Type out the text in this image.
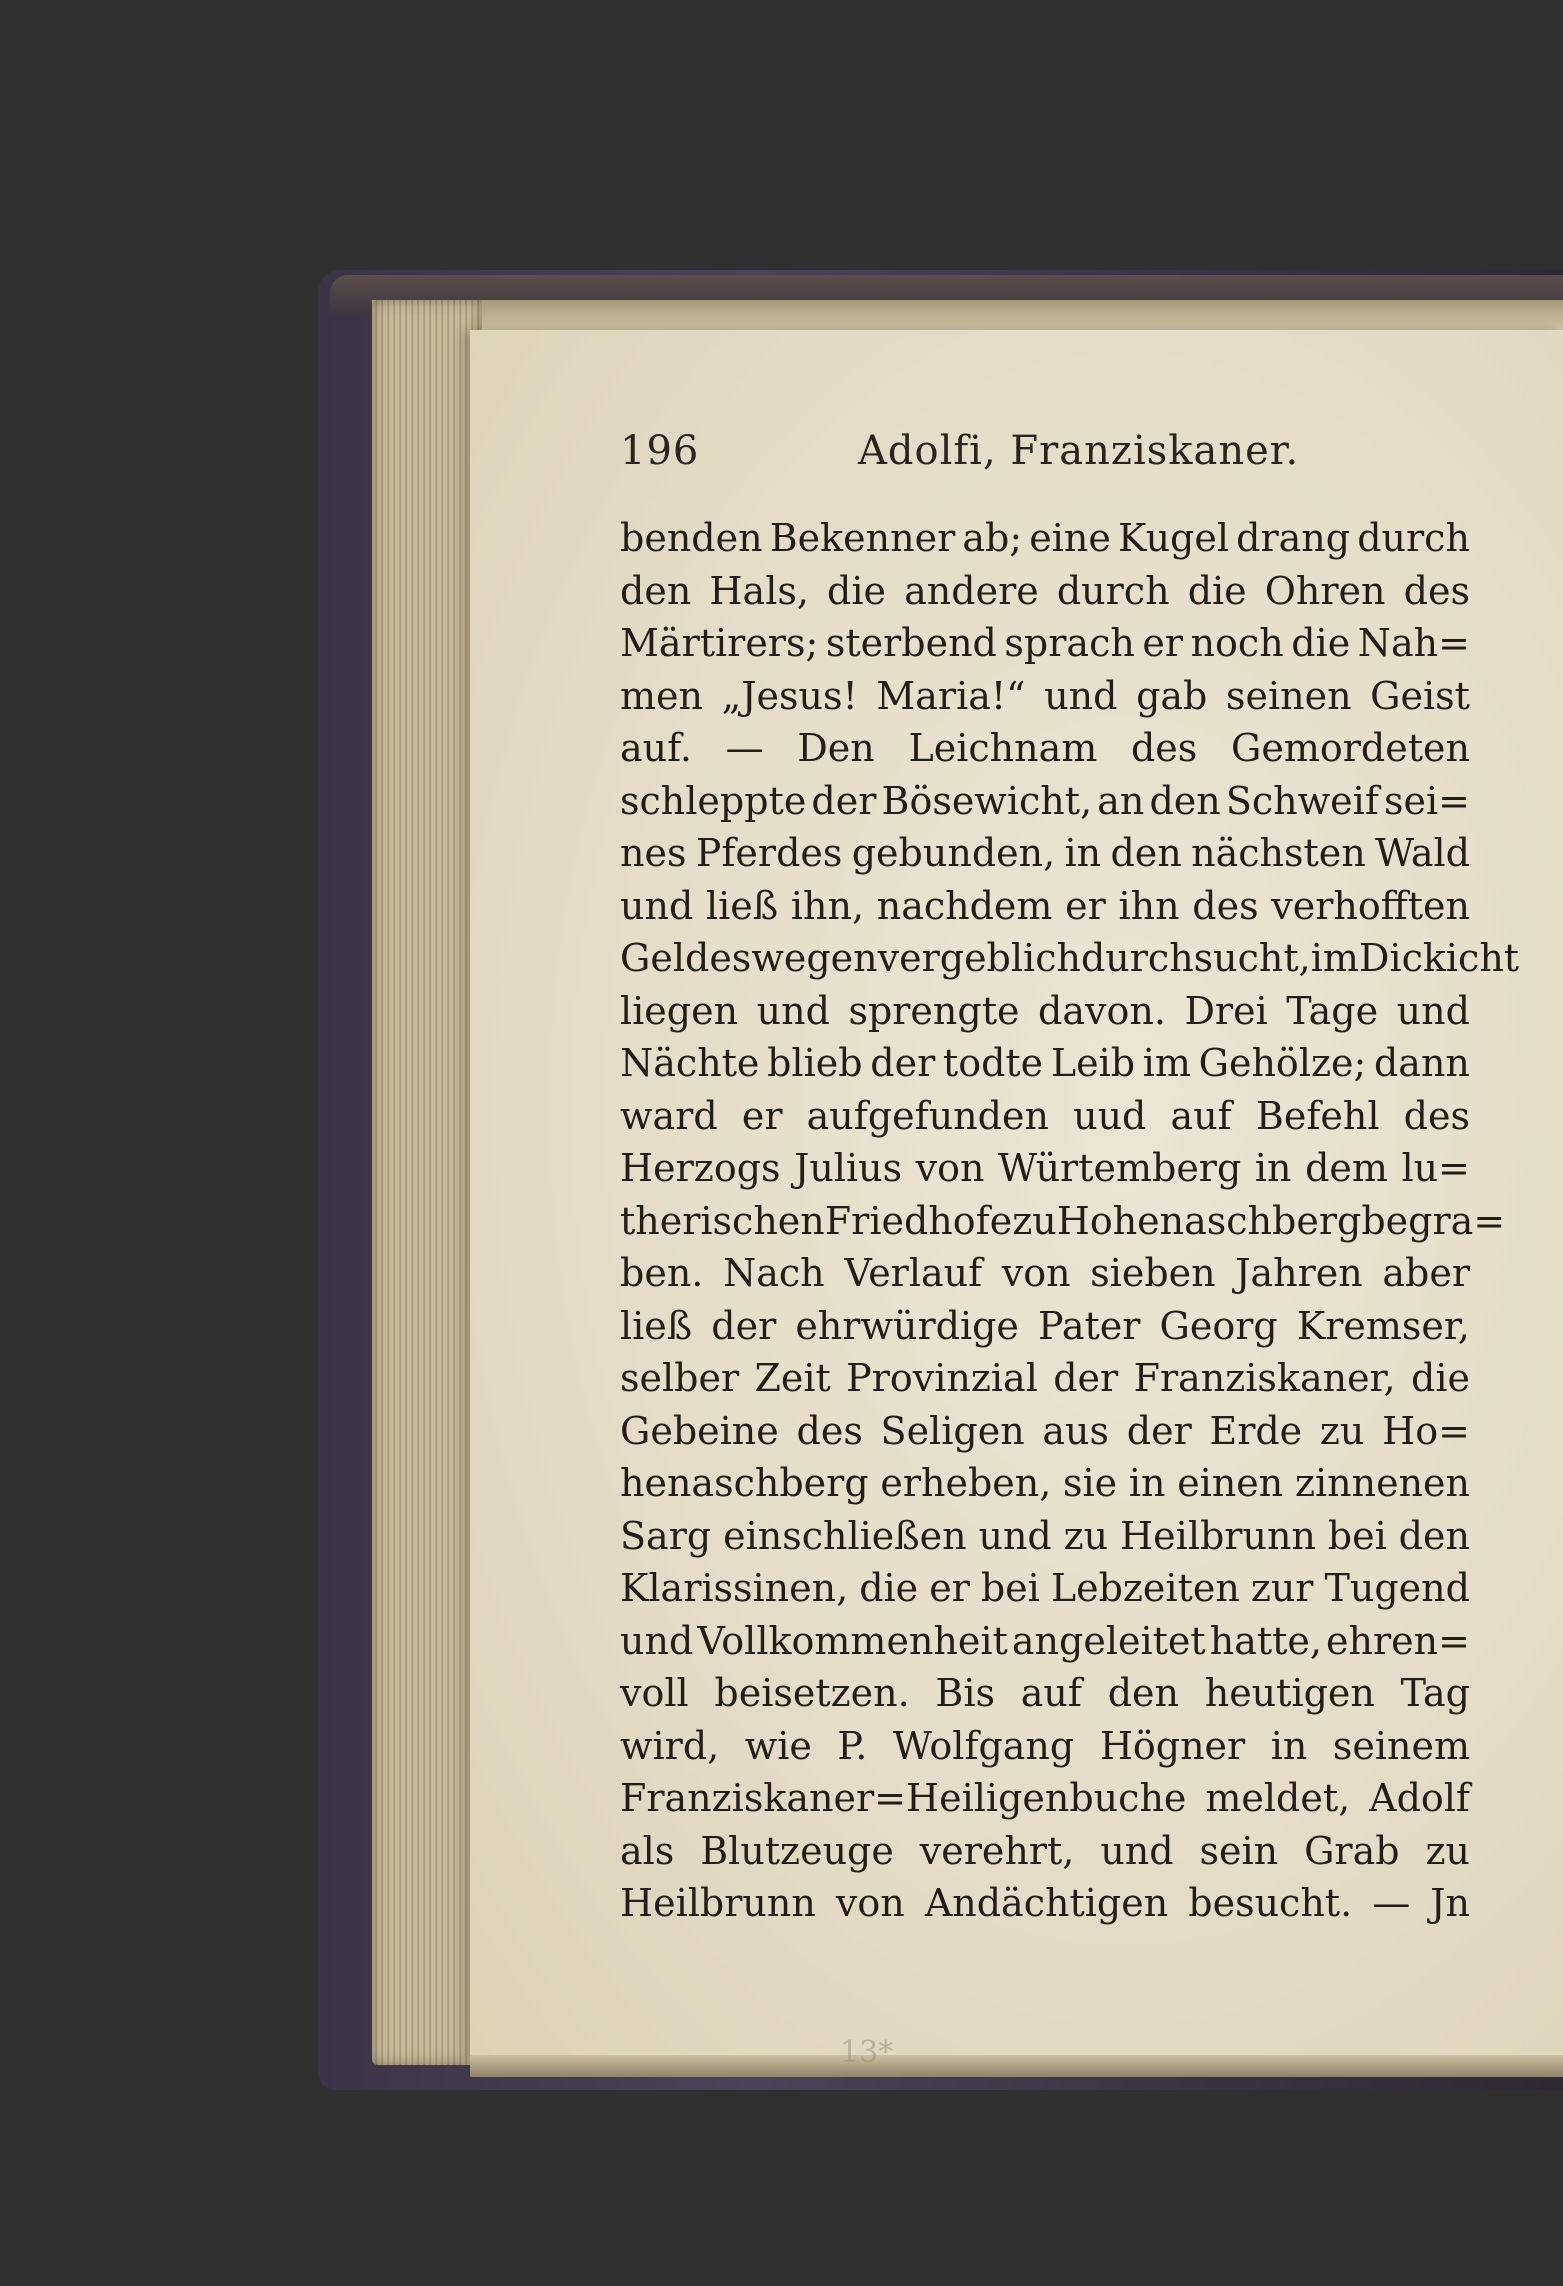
196	Adolfi, Franziskaner.
benden Bekenner ab; eine Kugel drang durch
den Hals, die andere durch die Ohren des
Märtirers; sterbend sprach er noch die Nah=
men „Jesus! Maria!“ und gab seinen Geist
auf. — Den Leichnam des Gemordeten
schleppte der Bösewicht, an den Schweif sei=
nes Pferdes gebunden, in den nächsten Wald
und ließ ihn, nachdem er ihn des verhofften
Geldes wegen vergeblich durchsucht, im Dickicht
liegen und sprengte davon. Drei Tage und
Nächte blieb der todte Leib im Gehölze; dann
ward er aufgefunden uud auf Befehl des
Herzogs Julius von Würtemberg in dem lu=
therischen Friedhofe zu Hohenaschberg begra=
ben. Nach Verlauf von sieben Jahren aber
ließ der ehrwürdige Pater Georg Kremser,
selber Zeit Provinzial der Franziskaner, die
Gebeine des Seligen aus der Erde zu Ho=
henaschberg erheben, sie in einen zinnenen
Sarg einschließen und zu Heilbrunn bei den
Klarissinen, die er bei Lebzeiten zur Tugend
und Vollkommenheit angeleitet hatte, ehren=
voll beisetzen. Bis auf den heutigen Tag
wird, wie P. Wolfgang Högner in seinem
Franziskaner=Heiligenbuche meldet, Adolf
als Blutzeuge verehrt, und sein Grab zu
Heilbrunn von Andächtigen besucht. — Jn
13*
